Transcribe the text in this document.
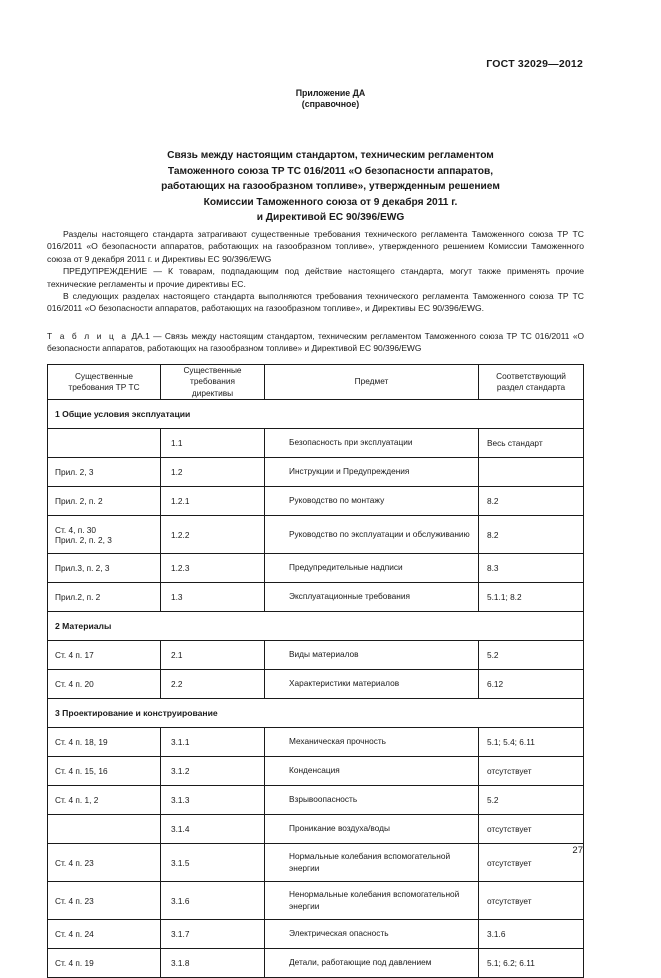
ГОСТ 32029—2012
Приложение ДА
(справочное)
Связь между настоящим стандартом, техническим регламентом
Таможенного союза ТР ТС 016/2011 «О безопасности аппаратов,
работающих на газообразном топливе», утвержденным решением
Комиссии Таможенного союза от 9 декабря 2011 г.
и Директивой ЕС 90/396/EWG

Разделы настоящего стандарта затрагивают существенные требования технического регламента Таможенного союза ТР ТС 016/2011 «О безопасности аппаратов, работающих на газообразном топливе», утвержденного решением Комиссии Таможенного союза от 9 декабря 2011 г. и Директивы ЕС 90/396/EWG

ПРЕДУПРЕЖДЕНИЕ — К товарам, подпадающим под действие настоящего стандарта, могут также применять прочие технические регламенты и прочие директивы ЕС.

В следующих разделах настоящего стандарта выполняются требования технического регламента Таможенного союза ТР ТС 016/2011 «О безопасности аппаратов, работающих на газообразном топливе», и Директивы ЕС 90/396/EWG.

Т а б л и ц а ДА.1 — Связь между настоящим стандартом, техническим регламентом Таможенного союза ТР ТС 016/2011 «О безопасности аппаратов, работающих на газообразном топливе» и Директивой ЕС 90/396/EWG
Существенные
требования ТР ТС	Существенные
требования
директивы	Предмет	Соответствующий
раздел стандарта
1 Общие условия эксплуатации			
	1.1	Безопасность при эксплуатации	Весь стандарт
Прил. 2, 3	1.2	Инструкции и Предупреждения	
Прил. 2, п. 2	1.2.1	Руководство по монтажу	8.2
Ст. 4, п. 30
Прил. 2, п. 2, 3	1.2.2	Руководство по эксплуатации и обслуживанию	8.2
Прил.3, п. 2, 3	1.2.3	Предупредительные надписи	8.3
Прил.2, п. 2	1.3	Эксплуатационные требования	5.1.1; 8.2
2 Материалы			
Ст. 4 п. 17	2.1	Виды материалов	5.2
Ст. 4 п. 20	2.2	Характеристики материалов	6.12
3 Проектирование и конструирование			
Ст. 4 п. 18, 19	3.1.1	Механическая прочность	5.1; 5.4; 6.11
Ст. 4 п. 15, 16	3.1.2	Конденсация	отсутствует
Ст. 4 п. 1, 2	3.1.3	Взрывоопасность	5.2
	3.1.4	Проникание воздуха/воды	отсутствует
Ст. 4 п. 23	3.1.5	Нормальные колебания вспомогательной энергии	отсутствует
Ст. 4 п. 23	3.1.6	Ненормальные колебания вспомогательной энергии	отсутствует
Ст. 4 п. 24	3.1.7	Электрическая опасность	3.1.6
Ст. 4 п. 19	3.1.8	Детали, работающие под давлением	5.1; 6.2; 6.11
27
